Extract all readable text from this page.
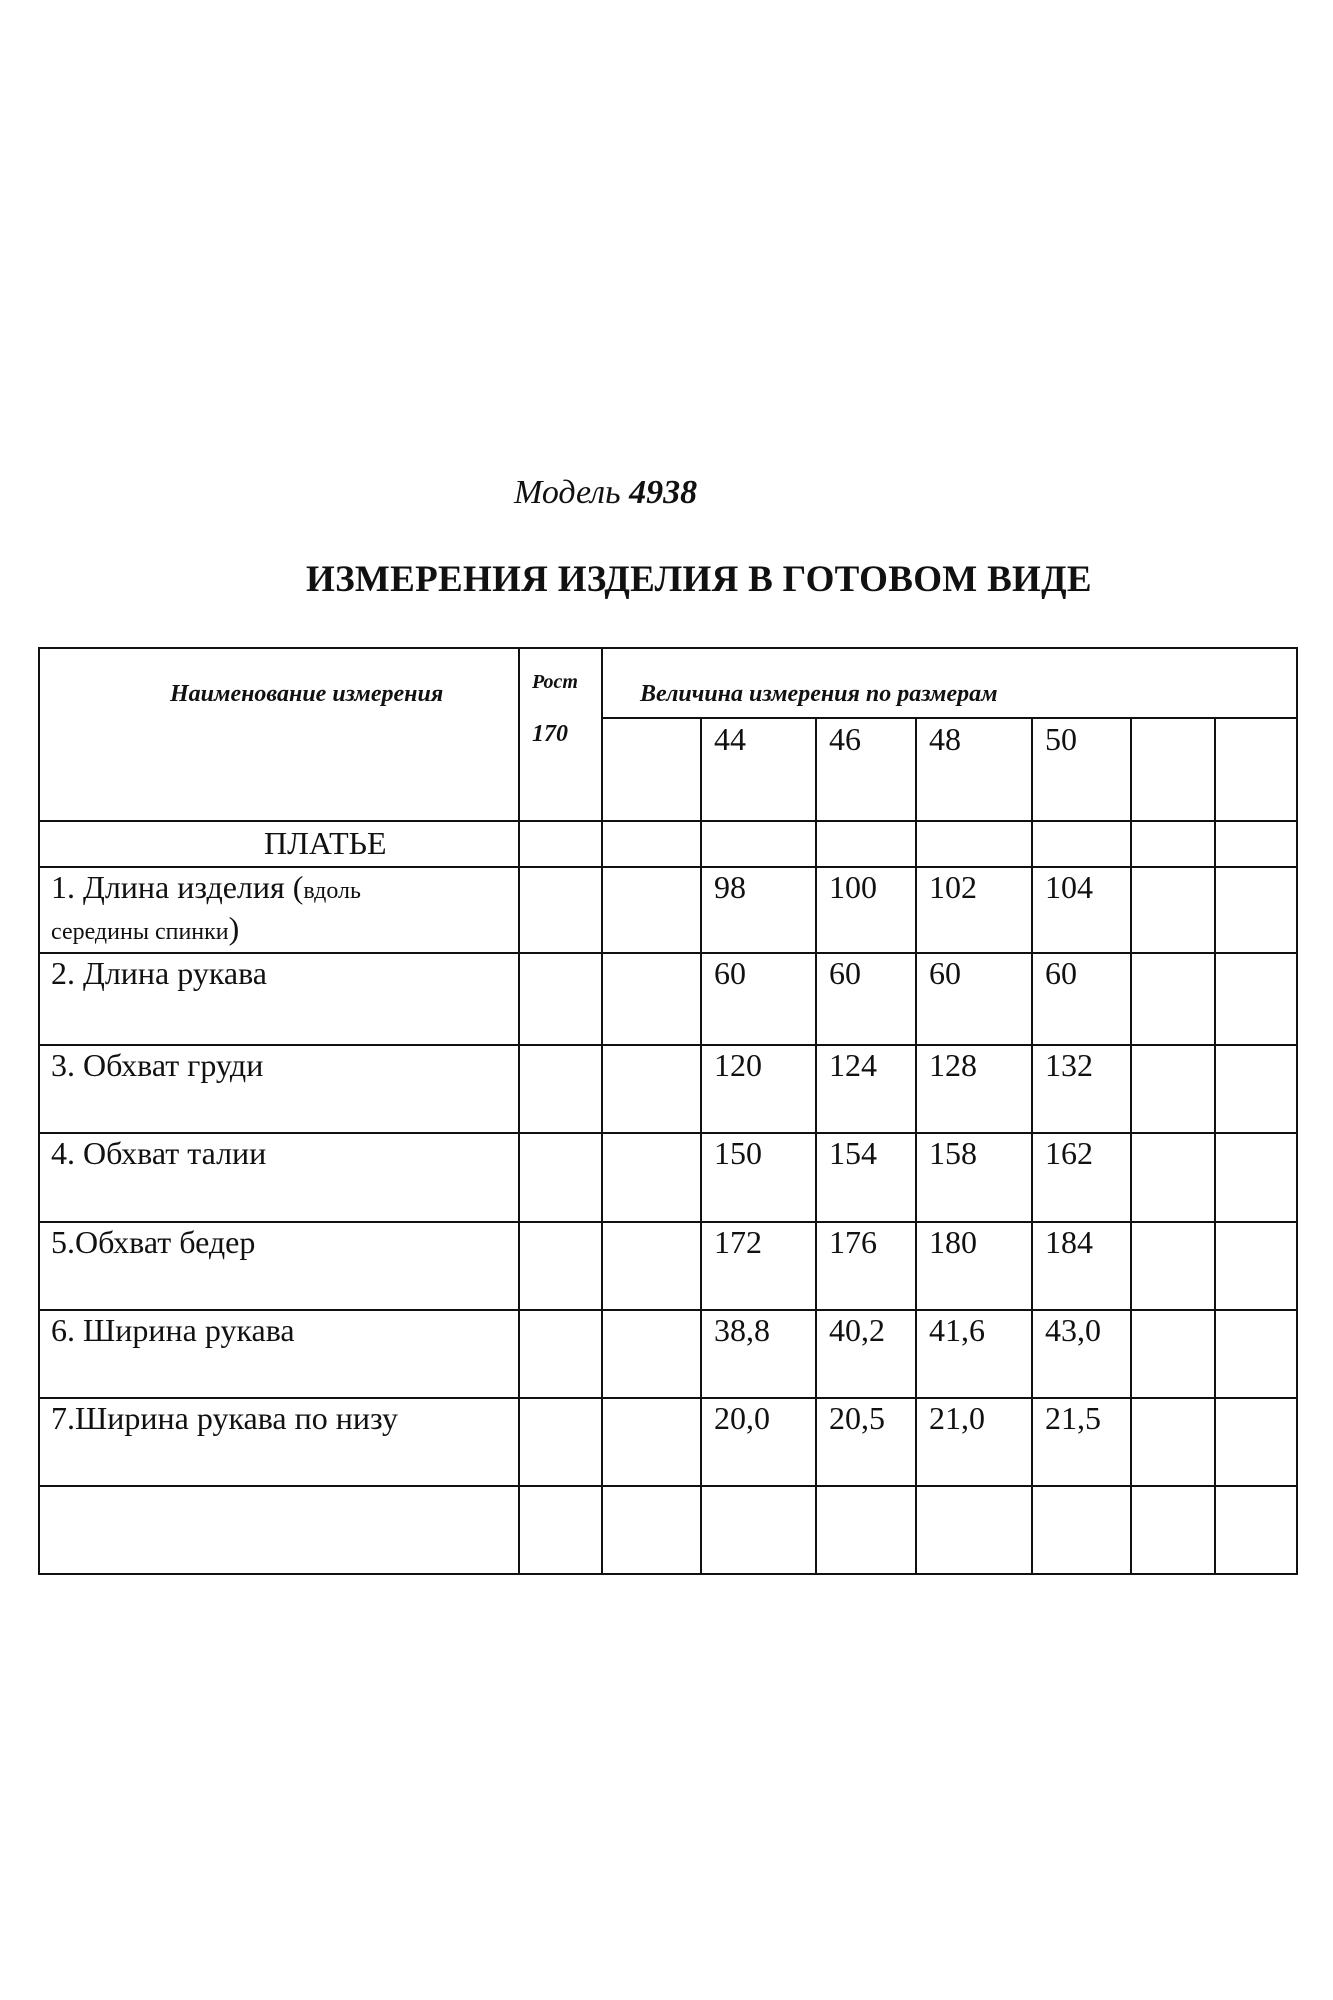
Модель 4938
ИЗМЕРЕНИЯ ИЗДЕЛИЯ В ГОТОВОМ ВИДЕ
Наименование измерения	Рост
170
Величина измерения по размерам
44	46 48	50
ПЛАТЬЕ
1. Длина изделия (вдоль
середины спинки)
98	100 102 104
2. Длина рукава	60	60 60	60
3. Обхват груди	120 124 128 132
4. Обхват талии	150 154 158 162
5.Обхват бедер	172 176 180 184
6. Ширина рукава	38,8 40,2 41,6 43,0
7.Ширина рукава по низу	20,0 20,5 21,0 21,5
